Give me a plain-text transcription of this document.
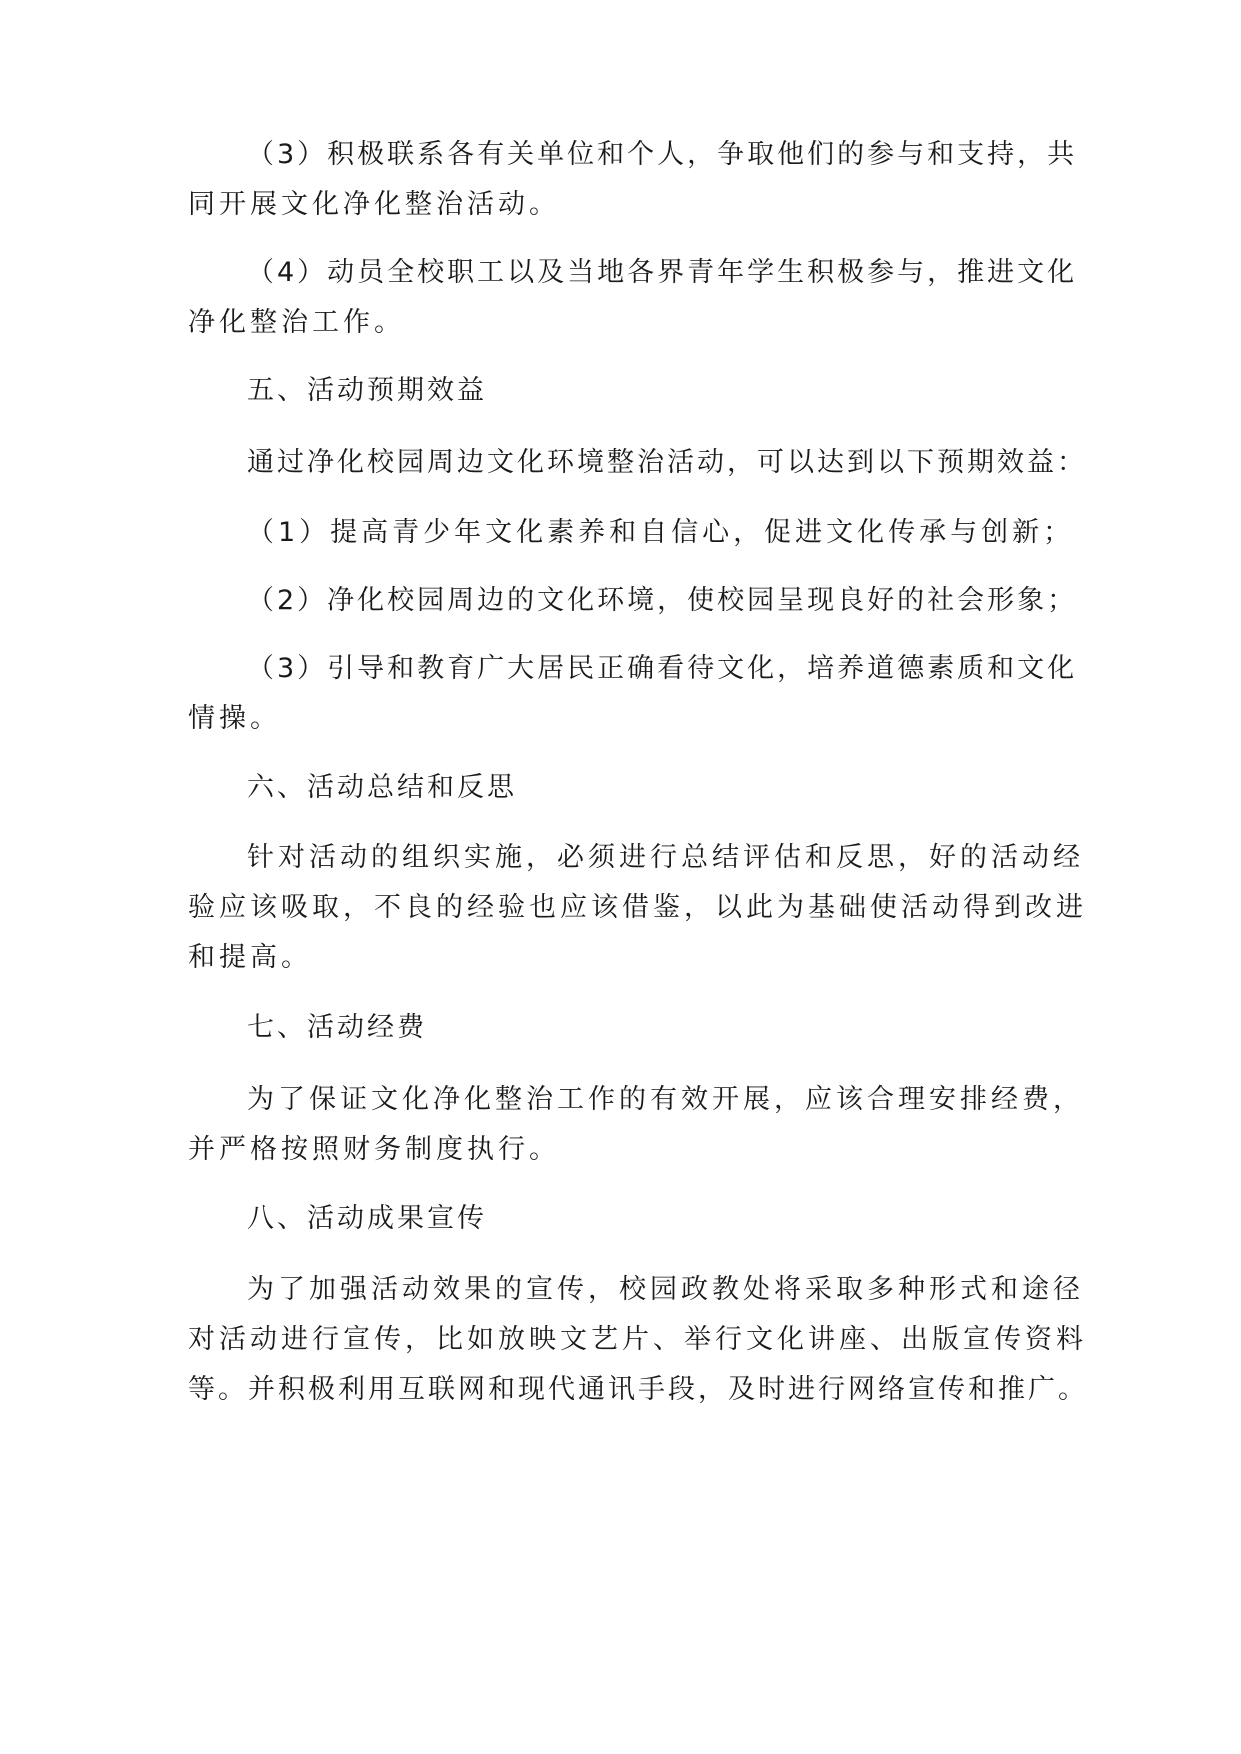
（3）积极联系各有关单位和个人，争取他们的参与和支持，共

同开展文化净化整治活动。

（4）动员全校职工以及当地各界青年学生积极参与，推进文化

净化整治工作。

五、活动预期效益

通过净化校园周边文化环境整治活动，可以达到以下预期效益：

（1）提高青少年文化素养和自信心，促进文化传承与创新；

（2）净化校园周边的文化环境，使校园呈现良好的社会形象；

（3）引导和教育广大居民正确看待文化，培养道德素质和文化

情操。

六、活动总结和反思

针对活动的组织实施，必须进行总结评估和反思，好的活动经

验应该吸取，不良的经验也应该借鉴，以此为基础使活动得到改进

和提高。

七、活动经费

为了保证文化净化整治工作的有效开展，应该合理安排经费，

并严格按照财务制度执行。

八、活动成果宣传

为了加强活动效果的宣传，校园政教处将采取多种形式和途径

对活动进行宣传，比如放映文艺片、举行文化讲座、出版宣传资料

等。并积极利用互联网和现代通讯手段，及时进行网络宣传和推广。
